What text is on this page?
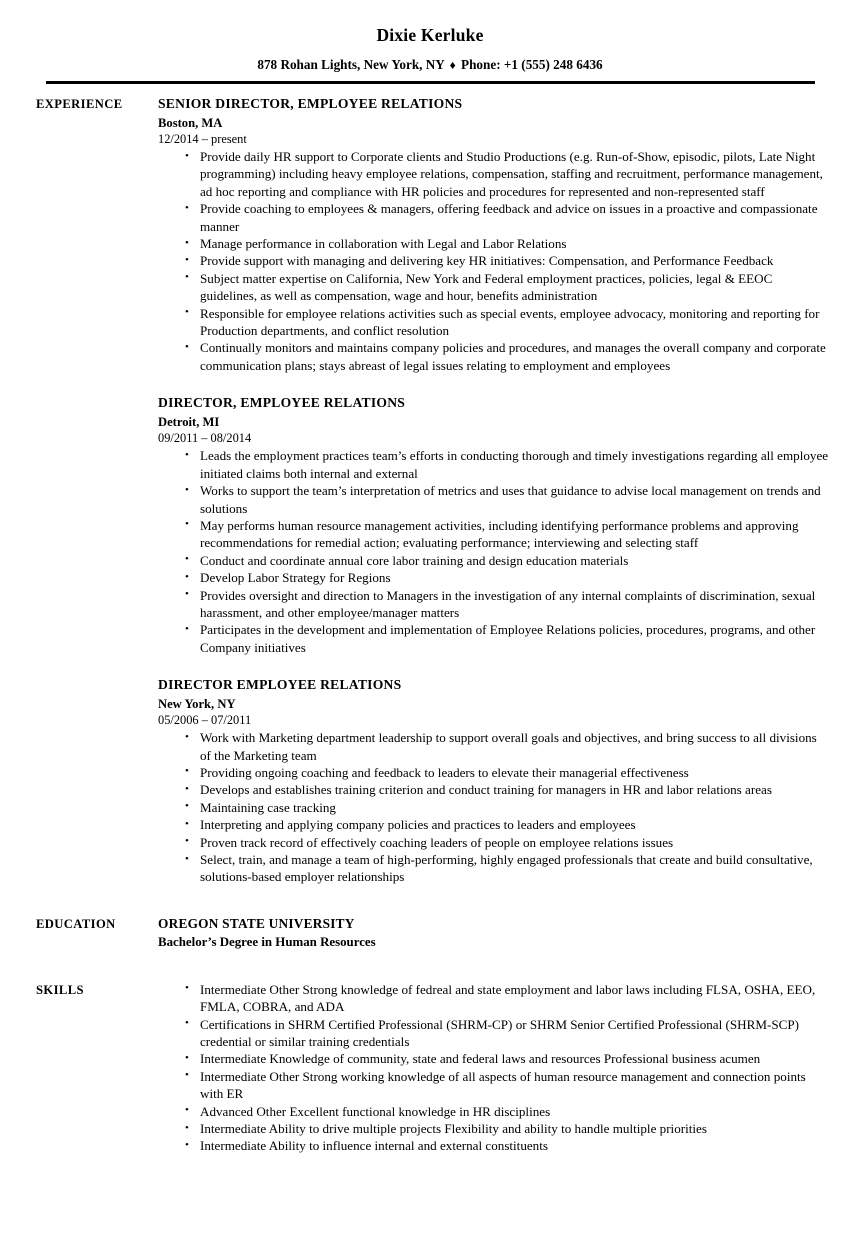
Dixie Kerluke
878 Rohan Lights, New York, NY ♦ Phone: +1 (555) 248 6436
EXPERIENCE	SENIOR DIRECTOR, EMPLOYEE RELATIONS
Boston, MA
12/2014 – present
• Provide daily HR support to Corporate clients and Studio Productions (e.g. Run-of-Show, episodic, pilots, Late Night programming) including heavy employee relations, compensation, staffing and recruitment, performance management, ad hoc reporting and compliance with HR policies and procedures for represented and non-represented staff
• Provide coaching to employees & managers, offering feedback and advice on issues in a proactive and compassionate manner
• Manage performance in collaboration with Legal and Labor Relations
• Provide support with managing and delivering key HR initiatives: Compensation, and Performance Feedback
• Subject matter expertise on California, New York and Federal employment practices, policies, legal & EEOC guidelines, as well as compensation, wage and hour, benefits administration
• Responsible for employee relations activities such as special events, employee advocacy, monitoring and reporting for Production departments, and conflict resolution
• Continually monitors and maintains company policies and procedures, and manages the overall company and corporate communication plans; stays abreast of legal issues relating to employment and employees
DIRECTOR, EMPLOYEE RELATIONS
Detroit, MI
09/2011 – 08/2014
• Leads the employment practices team’s efforts in conducting thorough and timely investigations regarding all employee initiated claims both internal and external
• Works to support the team’s interpretation of metrics and uses that guidance to advise local management on trends and solutions
• May performs human resource management activities, including identifying performance problems and approving recommendations for remedial action; evaluating performance; interviewing and selecting staff
• Conduct and coordinate annual core labor training and design education materials
• Develop Labor Strategy for Regions
• Provides oversight and direction to Managers in the investigation of any internal complaints of discrimination, sexual harassment, and other employee/manager matters
• Participates in the development and implementation of Employee Relations policies, procedures, programs, and other Company initiatives
DIRECTOR EMPLOYEE RELATIONS
New York, NY
05/2006 – 07/2011
• Work with Marketing department leadership to support overall goals and objectives, and bring success to all divisions of the Marketing team
• Providing ongoing coaching and feedback to leaders to elevate their managerial effectiveness
• Develops and establishes training criterion and conduct training for managers in HR and labor relations areas
• Maintaining case tracking
• Interpreting and applying company policies and practices to leaders and employees
• Proven track record of effectively coaching leaders of people on employee relations issues
• Select, train, and manage a team of high-performing, highly engaged professionals that create and build consultative, solutions-based employer relationships
EDUCATION	OREGON STATE UNIVERSITY
Bachelor’s Degree in Human Resources
SKILLS	• Intermediate Other Strong knowledge of fedreal and state employment and labor laws including FLSA, OSHA, EEO, FMLA, COBRA, and ADA
• Certifications in SHRM Certified Professional (SHRM-CP) or SHRM Senior Certified Professional (SHRM-SCP) credential or similar training credentials
• Intermediate Knowledge of community, state and federal laws and resources Professional business acumen
• Intermediate Other Strong working knowledge of all aspects of human resource management and connection points with ER
• Advanced Other Excellent functional knowledge in HR disciplines
• Intermediate Ability to drive multiple projects Flexibility and ability to handle multiple priorities
• Intermediate Ability to influence internal and external constituents
